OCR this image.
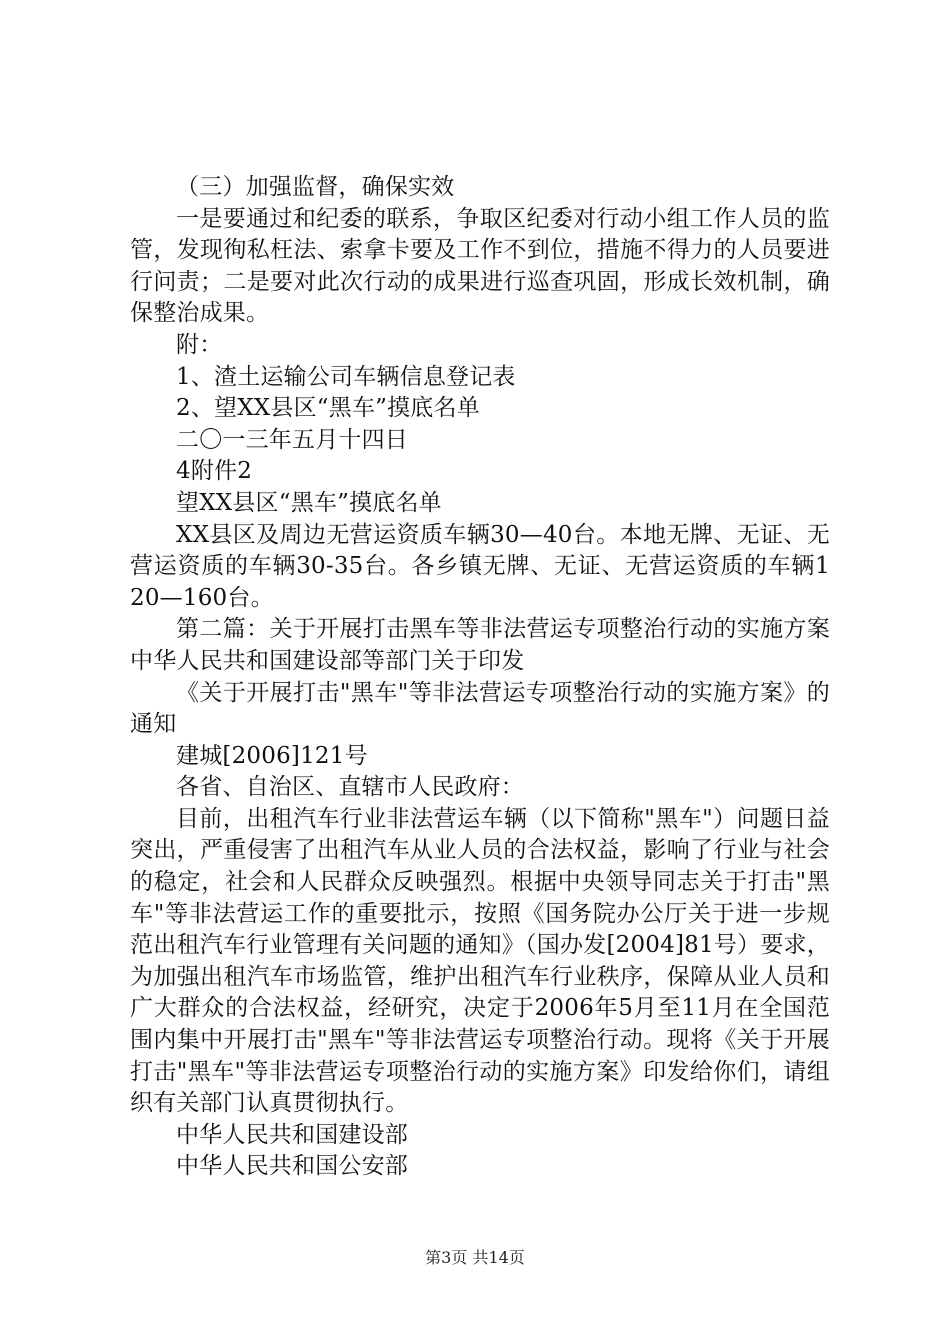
（三）加强监督，确保实效

一是要通过和纪委的联系，争取区纪委对行动小组工作人员的监管，发现徇私枉法、索拿卡要及工作不到位，措施不得力的人员要进行问责；二是要对此次行动的成果进行巡查巩固，形成长效机制，确保整治成果。

附：

1、渣土运输公司车辆信息登记表

2、望XX县区“黑车”摸底名单

二〇一三年五月十四日

4附件2

望XX县区“黑车”摸底名单

XX县区及周边无营运资质车辆30—40台。本地无牌、无证、无营运资质的车辆30-35台。各乡镇无牌、无证、无营运资质的车辆120—160台。

第二篇：关于开展打击黑车等非法营运专项整治行动的实施方案中华人民共和国建设部等部门关于印发

《关于开展打击"黑车"等非法营运专项整治行动的实施方案》的通知

建城[2006]121号

各省、自治区、直辖市人民政府：

目前，出租汽车行业非法营运车辆（以下简称"黑车"）问题日益突出，严重侵害了出租汽车从业人员的合法权益，影响了行业与社会的稳定，社会和人民群众反映强烈。根据中央领导同志关于打击"黑车"等非法营运工作的重要批示，按照《国务院办公厅关于进一步规范出租汽车行业管理有关问题的通知》（国办发[2004]81号）要求，为加强出租汽车市场监管，维护出租汽车行业秩序，保障从业人员和广大群众的合法权益，经研究，决定于2006年5月至11月在全国范围内集中开展打击"黑车"等非法营运专项整治行动。现将《关于开展打击"黑车"等非法营运专项整治行动的实施方案》印发给你们，请组织有关部门认真贯彻执行。

中华人民共和国建设部

中华人民共和国公安部

第3页 共14页
